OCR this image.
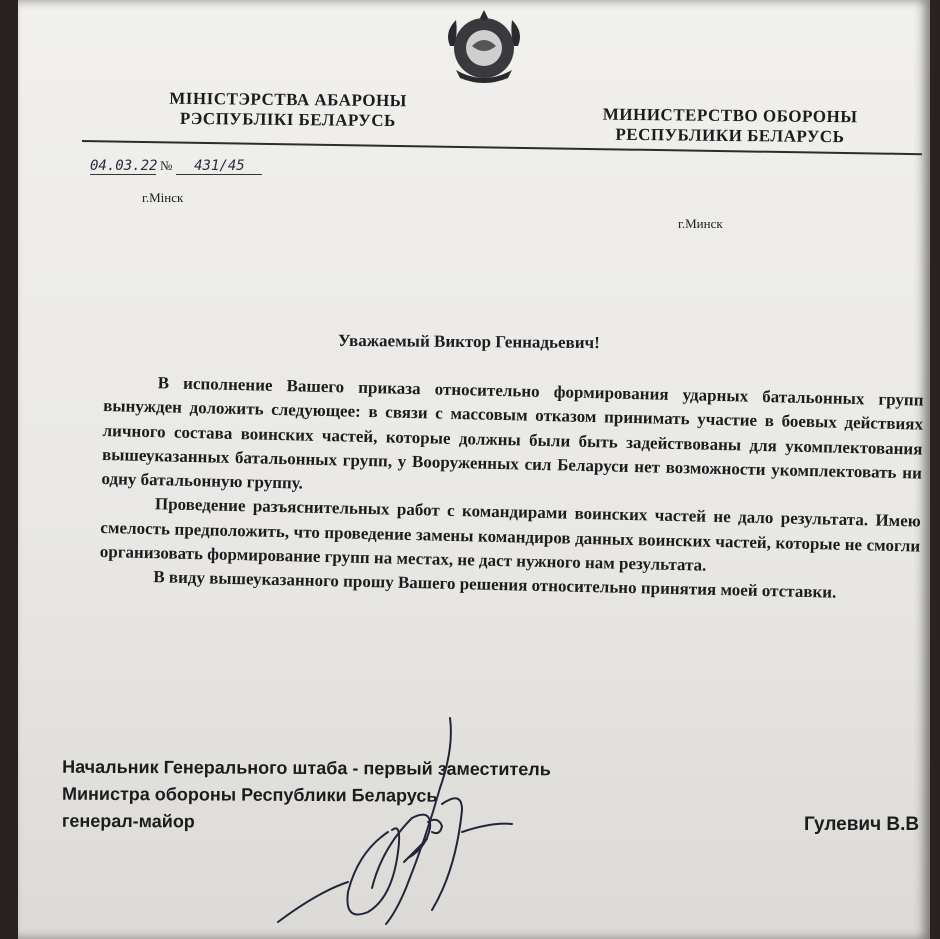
МІНІСТЭРСТВА АБАРОНЫ
РЭСПУБЛІКІ БЕЛАРУСЬ	МИНИСТЕРСТВО ОБОРОНЫ
РЕСПУБЛИКИ БЕЛАРУСЬ
04.03.22 № 431/45
г.Мінск
г.Минск
Уважаемый Виктор Геннадьевич!

В исполнение Вашего приказа относительно формирования ударных батальонных групп вынужден доложить следующее: в связи с массовым отказом принимать участие в боевых действиях личного состава воинских частей, которые должны были быть задействованы для укомплектования вышеуказанных батальонных групп, у Вооруженных сил Беларуси нет возможности укомплектовать ни одну батальонную группу.

Проведение разъяснительных работ с командирами воинских частей не дало результата. Имею смелость предположить, что проведение замены командиров данных воинских частей, которые не смогли организовать формирование групп на местах, не даст нужного нам результата.

В виду вышеуказанного прошу Вашего решения относительно принятия моей отставки.

Начальник Генерального штаба - первый заместитель
Министра обороны Республики Беларусь
генерал-майор	Гулевич В.В
